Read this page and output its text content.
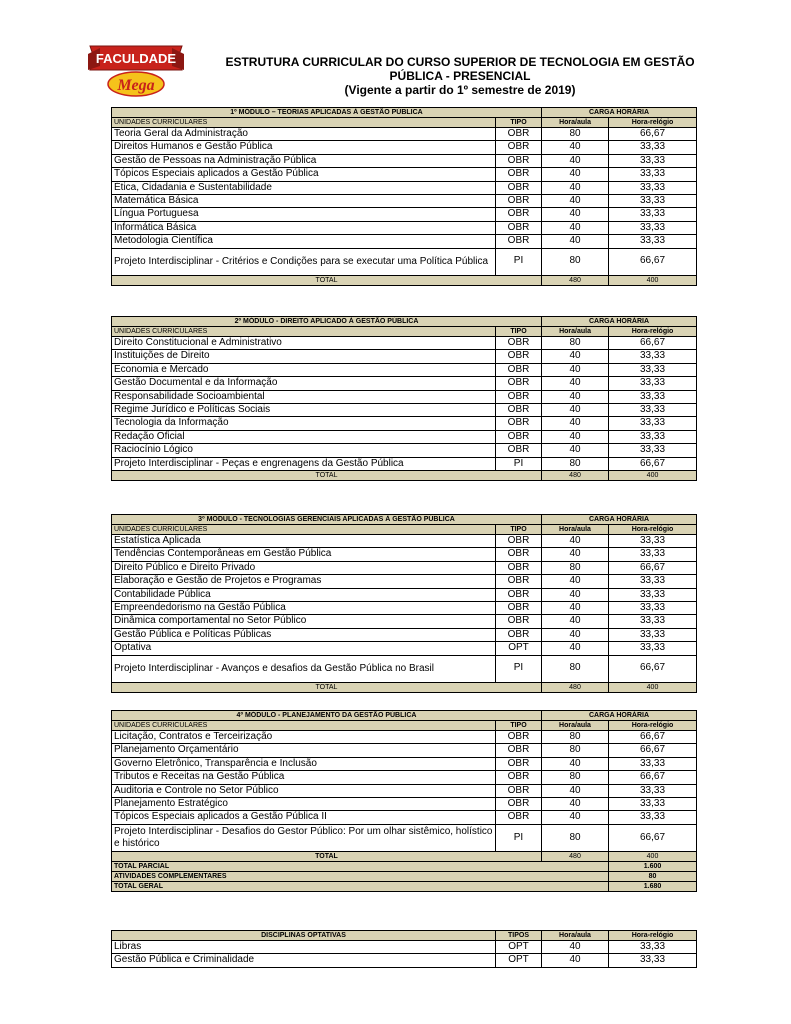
FACULDADE
Mega
ESTRUTURA CURRICULAR DO CURSO SUPERIOR DE TECNOLOGIA EM GESTÃO
PÚBLICA - PRESENCIAL
(Vigente a partir do 1º semestre de 2019)
1º MÓDULO – TEORIAS APLICADAS À GESTÃO PÚBLICA		CARGA HORÁRIA	
UNIDADES CURRICULARES	TIPO	Hora/aula	Hora-relógio
Teoria Geral da Administração	OBR	80	66,67
Direitos Humanos e Gestão Pública	OBR	40	33,33
Gestão de Pessoas na Administração Pública	OBR	40	33,33
Tópicos Especiais aplicados a Gestão Pública	OBR	40	33,33
Ética, Cidadania e Sustentabilidade	OBR	40	33,33
Matemática Básica	OBR	40	33,33
Língua Portuguesa	OBR	40	33,33
Informática Básica	OBR	40	33,33
Metodologia Científica	OBR	40	33,33
Projeto Interdisciplinar - Critérios e Condições para se executar uma Política Pública	PI	80	66,67
TOTAL		480	400
2º MÓDULO - DIREITO APLICADO À GESTÃO PÚBLICA		CARGA HORÁRIA	
UNIDADES CURRICULARES	TIPO	Hora/aula	Hora-relógio
Direito Constitucional e Administrativo	OBR	80	66,67
Instituições de Direito	OBR	40	33,33
Economia e Mercado	OBR	40	33,33
Gestão Documental e da Informação	OBR	40	33,33
Responsabilidade Socioambiental	OBR	40	33,33
Regime Jurídico e Políticas Sociais	OBR	40	33,33
Tecnologia da Informação	OBR	40	33,33
Redação Oficial	OBR	40	33,33
Raciocínio Lógico	OBR	40	33,33
Projeto Interdisciplinar - Peças e engrenagens da Gestão Pública	PI	80	66,67
TOTAL		480	400
3º MÓDULO - TECNOLOGIAS GERENCIAIS APLICADAS À GESTÃO PÚBLICA		CARGA HORÁRIA	
UNIDADES CURRICULARES	TIPO	Hora/aula	Hora-relógio
Estatística Aplicada	OBR	40	33,33
Tendências Contemporâneas em Gestão Pública	OBR	40	33,33
Direito Público e Direito Privado	OBR	80	66,67
Elaboração e Gestão de Projetos e Programas	OBR	40	33,33
Contabilidade Pública	OBR	40	33,33
Empreendedorismo na Gestão Pública	OBR	40	33,33
Dinâmica comportamental no Setor Público	OBR	40	33,33
Gestão Pública e Políticas Públicas	OBR	40	33,33
Optativa	OPT	40	33,33
Projeto Interdisciplinar - Avanços e desafios da Gestão Pública no Brasil	PI	80	66,67
TOTAL		480	400
4º MÓDULO - PLANEJAMENTO DA GESTÃO PÚBLICA		CARGA HORÁRIA	
UNIDADES CURRICULARES	TIPO	Hora/aula	Hora-relógio
Licitação, Contratos e Terceirização	OBR	80	66,67
Planejamento Orçamentário	OBR	80	66,67
Governo Eletrônico, Transparência e Inclusão	OBR	40	33,33
Tributos e Receitas na Gestão Pública	OBR	80	66,67
Auditoria e Controle no Setor Público	OBR	40	33,33
Planejamento Estratégico	OBR	40	33,33
Tópicos Especiais aplicados a Gestão Pública II	OBR	40	33,33
Projeto Interdisciplinar - Desafios do Gestor Público: Por um olhar sistêmico, holístico e histórico	PI	80	66,67
TOTAL		480	400
TOTAL PARCIAL			1.600
ATIVIDADES COMPLEMENTARES			80
TOTAL GERAL			1.680
DISCIPLINAS OPTATIVAS	TIPOS	Hora/aula	Hora-relógio
Libras	OPT	40	33,33
Gestão Pública e Criminalidade	OPT	40	33,33
